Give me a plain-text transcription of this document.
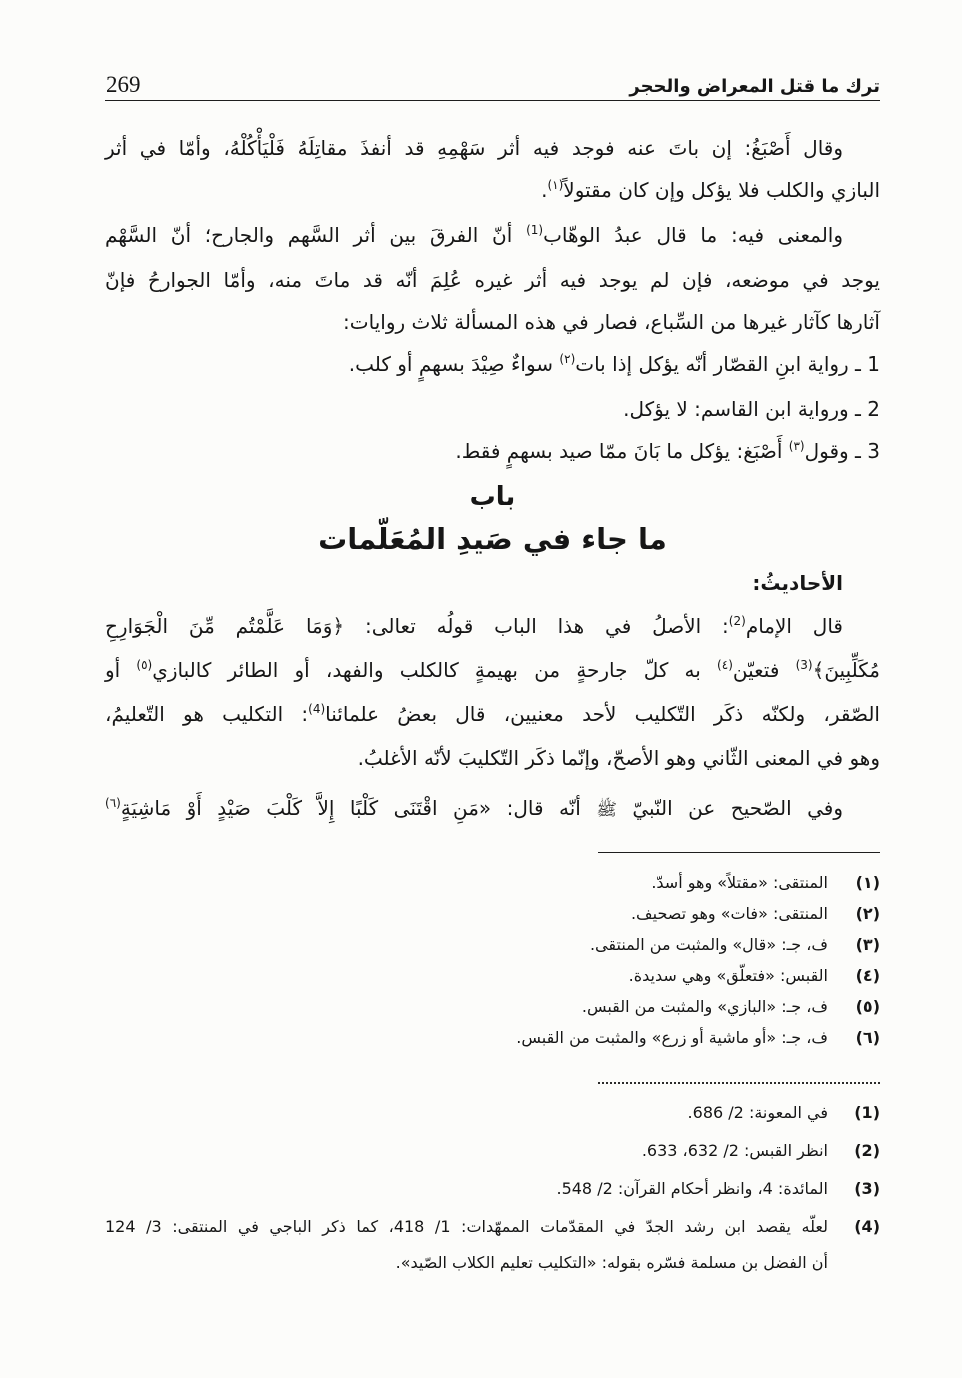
269	ترك ما قتل المعراض والحجر
وقال أَصْبَغُ: إن باتَ عنه فوجد فيه أثر سَهْمِهِ قد أنفذَ مقاتِلَهُ فَلْيَأْكُلْهُ، وأمّا في أثر
البازي والكلب فلا يؤكل وإن كان مقتولاً$^{(١)}$.
والمعنى فيه: ما قال عبدُ الوهّاب$^{(1)}$ أنّ الفرقَ بين أثر السَّهم والجارح؛ أنّ السَّهْم
يوجد في موضعه، فإن لم يوجد فيه أثر غيره عُلِمَ أنّه قد ماتَ منه، وأمّا الجوارحُ فإنّ
آثارها كآثار غيرها من السِّباع، فصار في هذه المسألة ثلاث روايات:
1 ـ رواية ابنِ القصّار أنّه يؤكل إذا بات$^{(٢)}$ سواءٌ صِيْدَ بسهمٍ أو كلب.
2 ـ ورواية ابن القاسم: لا يؤكل.
3 ـ وقول$^{(٣)}$ أَصْبَغ: يؤكل ما بَانَ ممّا صيد بسهمٍ فقط.
باب
ما جاء في صَيدِ المُعَلّمات
الأحاديثُ:
قال الإمام$^{(2)}$: الأصلُ في هذا الباب قولُه تعالى: ﴿وَمَا عَلَّمْتُم مِّنَ الْجَوَارِحِ
مُكَلِّبِينَ﴾$^{(3)}$ فتعيّن$^{(٤)}$ به كلّ جارحةٍ من بهيمةٍ كالكلب والفهد، أو الطائر كالبازي$^{(٥)}$ أو
الصّقر، ولكنّه ذكَر التّكليب لأحد معنيين، قال بعضُ علمائنا$^{(4)}$: التكليب هو التّعليمُ،
وهو في المعنى الثّاني وهو الأصحّ، وإنّما ذكَر التّكليبَ لأنّه الأغلبُ.
وفي الصّحيح عن النّبيّ ﷺ أنّه قال: «مَنِ اقْتَنَى كَلْبًا إِلاَّ كَلْبَ صَيْدٍ أَوْ مَاشِيَةٍ$^{(٦)}$
(١)
المنتقى: «مقتلاً» وهو أسدّ.
(٢)
المنتقى: «فات» وهو تصحيف.
(٣)
ف، جـ: «قال» والمثبت من المنتقى.
(٤)
القبس: «فتعلّق» وهي سديدة.
(٥)
ف، جـ: «البازي» والمثبت من القبس.
(٦)
ف، جـ: «أو ماشية أو زرع» والمثبت من القبس.
(1)
في المعونة: 2/ 686.
(2)
انظر القبس: 2/ 632، 633.
(3)
المائدة: 4، وانظر أحكام القرآن: 2/ 548.
(4)
لعلّه يقصد ابن رشد الجدّ في المقدّمات الممهّدات: 1/ 418، كما ذكر الباجي في المنتقى: 3/ 124
أن الفضل بن مسلمة فسّره بقوله: «التكليب تعليم الكلاب الصّيد».
